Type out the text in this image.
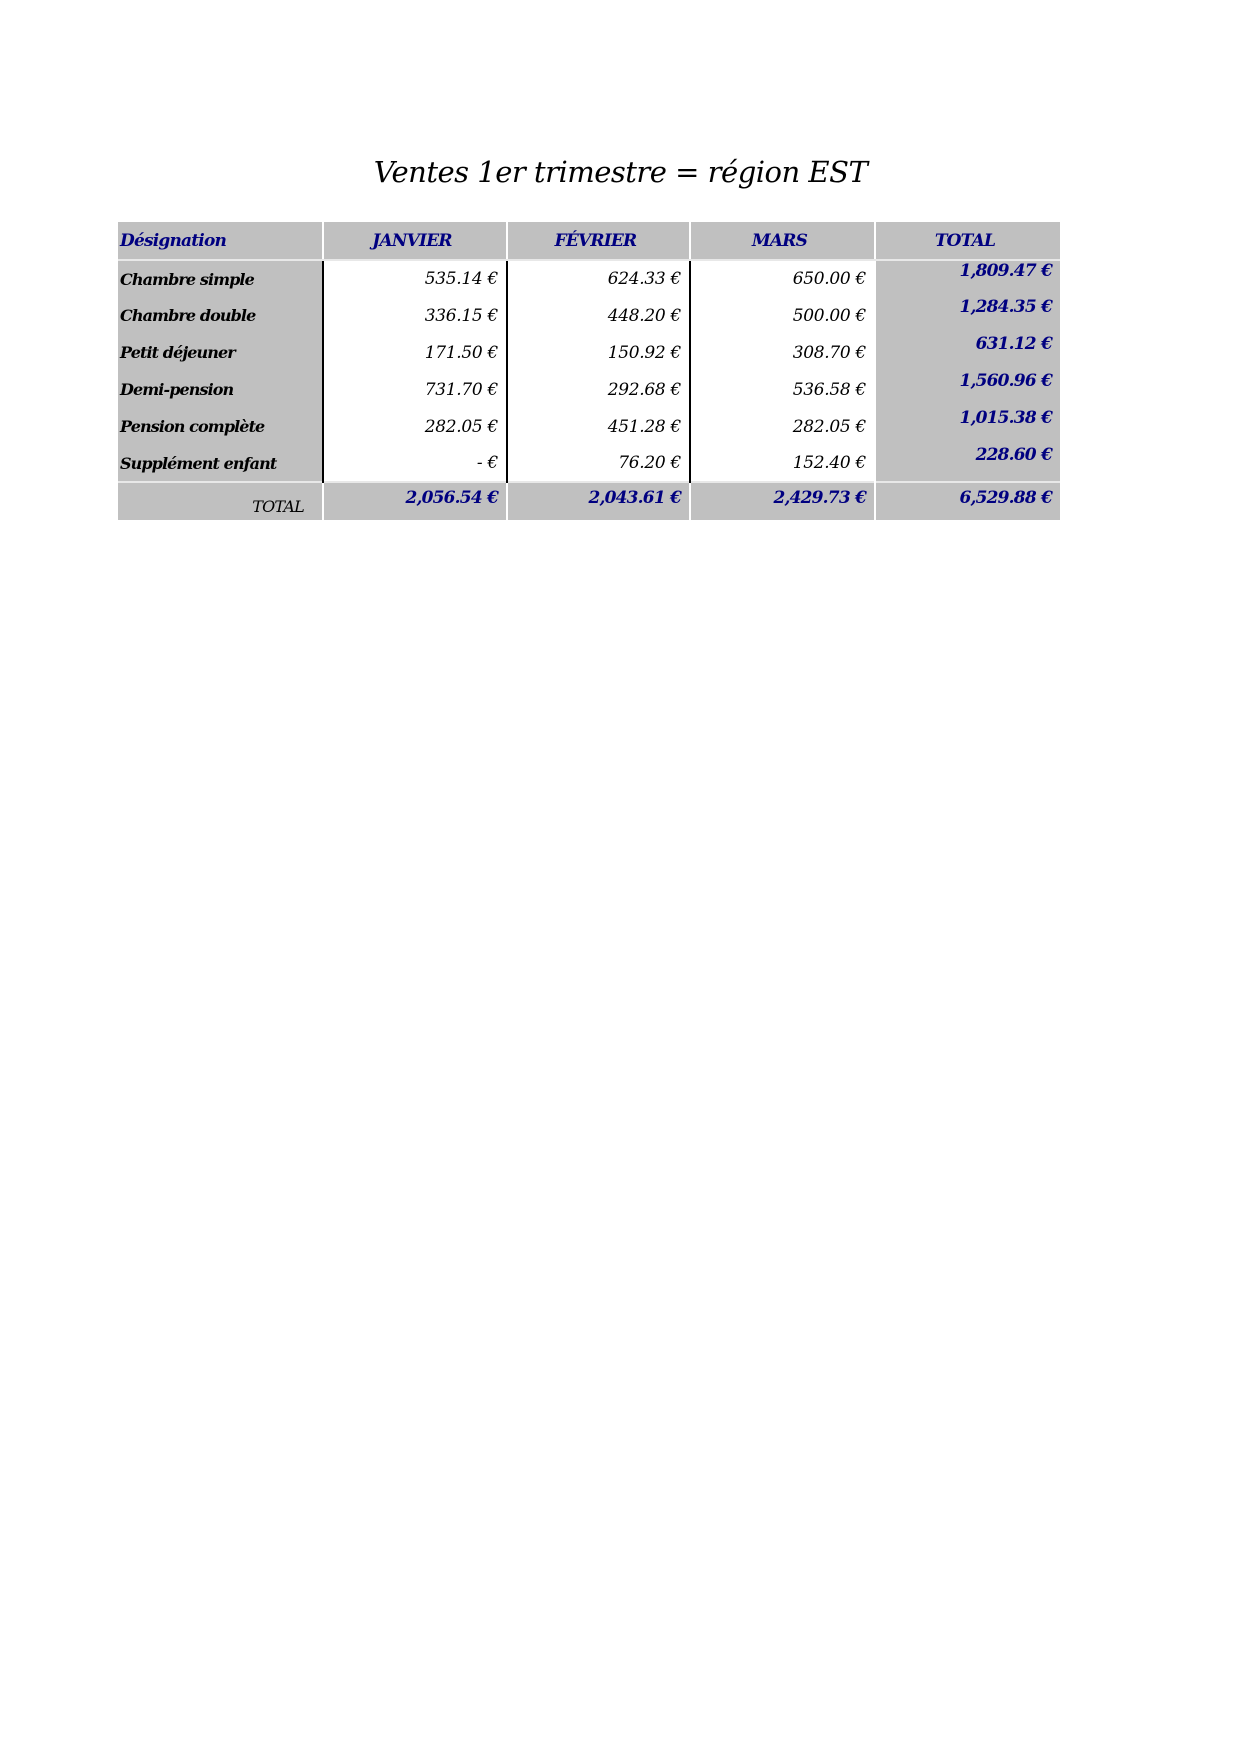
Ventes 1er trimestre = région EST
Désignation	JANVIER	FÉVRIER	MARS	TOTAL
Chambre simple	535.14 €	624.33 €	650.00 €	1,809.47 €
Chambre double	336.15 €	448.20 €	500.00 €	1,284.35 €
Petit déjeuner	171.50 €	150.92 €	308.70 €	631.12 €
Demi-pension	731.70 €	292.68 €	536.58 €	1,560.96 €
Pension complète	282.05 €	451.28 €	282.05 €	1,015.38 €
Supplément enfant	- €	76.20 €	152.40 €	228.60 €
TOTAL	2,056.54 €	2,043.61 €	2,429.73 €	6,529.88 €
